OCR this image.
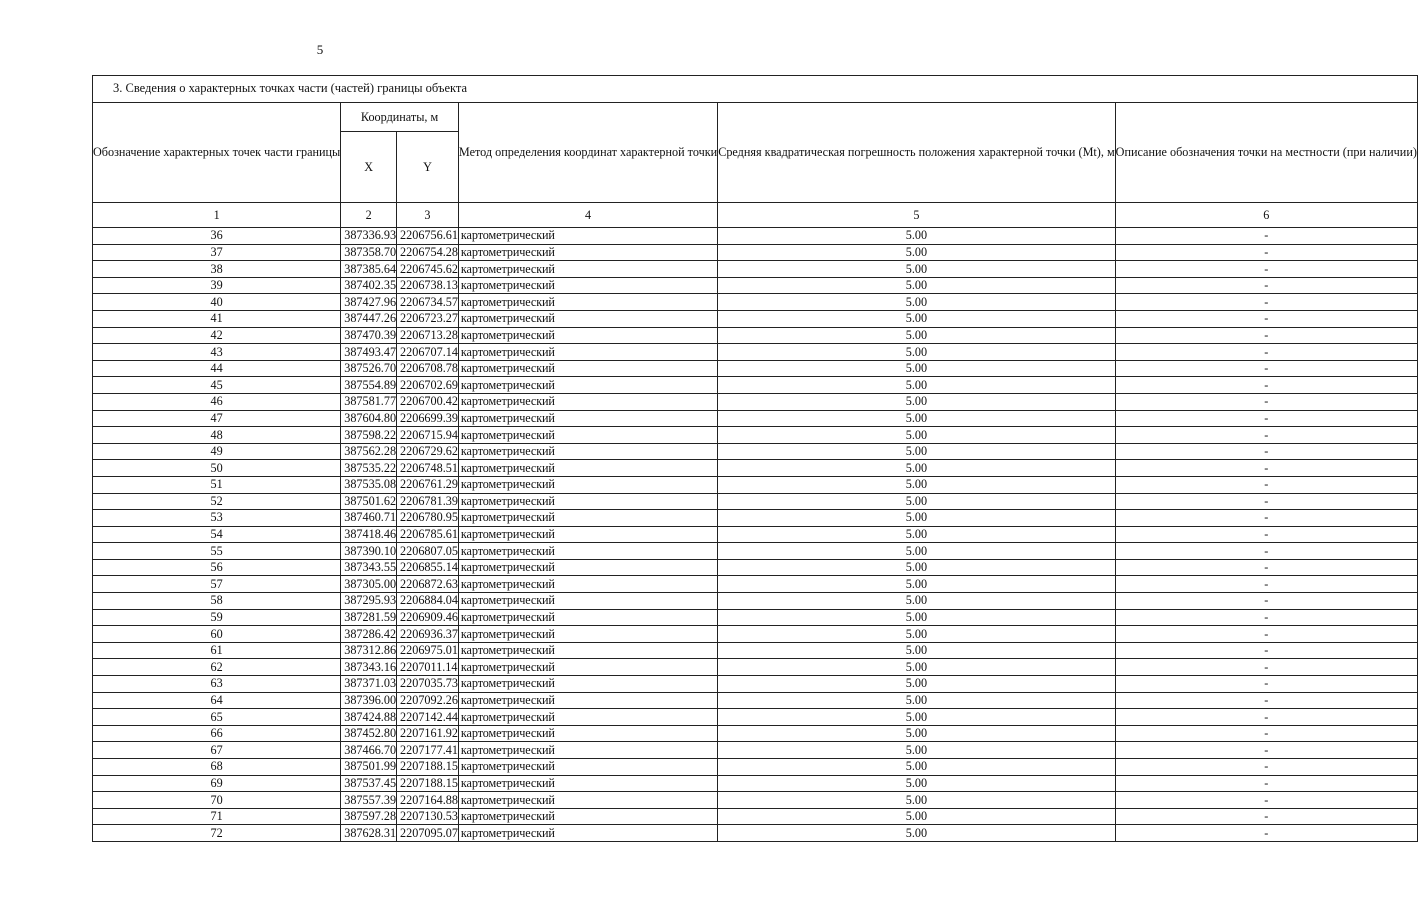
5
3. Сведения о характерных точках части (частей) границы объекта					
Обозначение характерных точек части границы	Координаты, м		Метод определения координат характерной точки	Средняя квадратическая погрешность положения характерной точки (Mt), м	Описание обозначения точки на местности (при наличии)
	X	Y			
1	2	3	4	5	6
36	387336.93	2206756.61	картометрический	5.00	-
37	387358.70	2206754.28	картометрический	5.00	-
38	387385.64	2206745.62	картометрический	5.00	-
39	387402.35	2206738.13	картометрический	5.00	-
40	387427.96	2206734.57	картометрический	5.00	-
41	387447.26	2206723.27	картометрический	5.00	-
42	387470.39	2206713.28	картометрический	5.00	-
43	387493.47	2206707.14	картометрический	5.00	-
44	387526.70	2206708.78	картометрический	5.00	-
45	387554.89	2206702.69	картометрический	5.00	-
46	387581.77	2206700.42	картометрический	5.00	-
47	387604.80	2206699.39	картометрический	5.00	-
48	387598.22	2206715.94	картометрический	5.00	-
49	387562.28	2206729.62	картометрический	5.00	-
50	387535.22	2206748.51	картометрический	5.00	-
51	387535.08	2206761.29	картометрический	5.00	-
52	387501.62	2206781.39	картометрический	5.00	-
53	387460.71	2206780.95	картометрический	5.00	-
54	387418.46	2206785.61	картометрический	5.00	-
55	387390.10	2206807.05	картометрический	5.00	-
56	387343.55	2206855.14	картометрический	5.00	-
57	387305.00	2206872.63	картометрический	5.00	-
58	387295.93	2206884.04	картометрический	5.00	-
59	387281.59	2206909.46	картометрический	5.00	-
60	387286.42	2206936.37	картометрический	5.00	-
61	387312.86	2206975.01	картометрический	5.00	-
62	387343.16	2207011.14	картометрический	5.00	-
63	387371.03	2207035.73	картометрический	5.00	-
64	387396.00	2207092.26	картометрический	5.00	-
65	387424.88	2207142.44	картометрический	5.00	-
66	387452.80	2207161.92	картометрический	5.00	-
67	387466.70	2207177.41	картометрический	5.00	-
68	387501.99	2207188.15	картометрический	5.00	-
69	387537.45	2207188.15	картометрический	5.00	-
70	387557.39	2207164.88	картометрический	5.00	-
71	387597.28	2207130.53	картометрический	5.00	-
72	387628.31	2207095.07	картометрический	5.00	-
